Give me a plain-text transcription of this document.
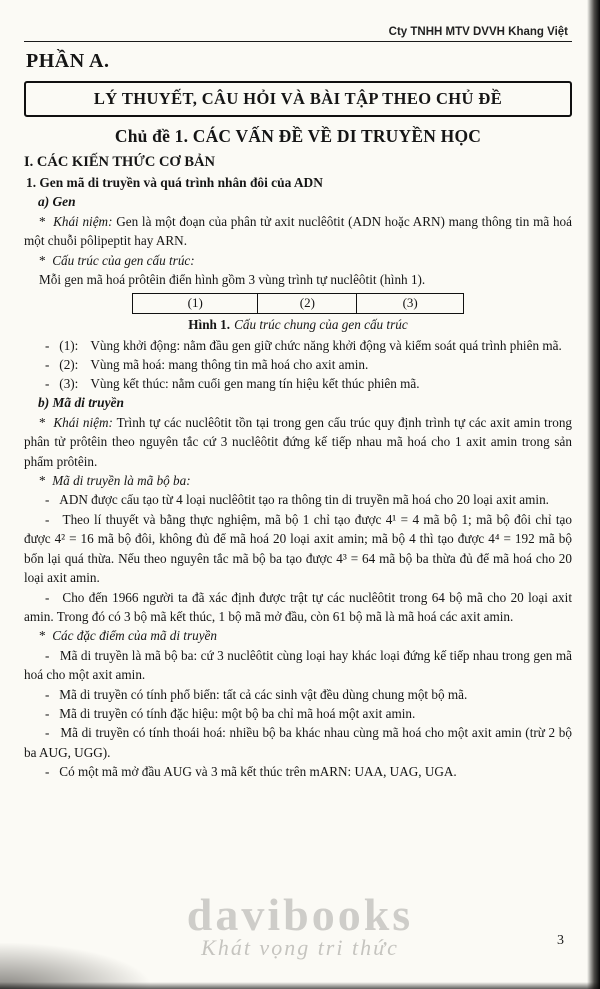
Cty TNHH MTV DVVH Khang Việt
PHẦN A.
LÝ THUYẾT, CÂU HỎI VÀ BÀI TẬP THEO CHỦ ĐỀ
Chủ đề 1. CÁC VẤN ĐỀ VỀ DI TRUYỀN HỌC
I. CÁC KIẾN THỨC CƠ BẢN
1. Gen mã di truyền và quá trình nhân đôi của ADN
a) Gen

*  Khái niệm: Gen là một đoạn của phân tử axit nuclêôtit (ADN hoặc ARN) mang thông tin mã hoá một chuỗi pôlipeptit hay ARN.

*  Cấu trúc của gen cấu trúc:

Mỗi gen mã hoá prôtêin điển hình gồm 3 vùng trình tự nuclêôtit (hình 1).

(1)	(2)	(3)
Hình 1. Cấu trúc chung của gen cấu trúc

-   (1): Vùng khởi động: nằm đầu gen giữ chức năng khởi động và kiểm soát quá trình phiên mã.

-   (2): Vùng mã hoá: mang thông tin mã hoá cho axit amin.

-   (3): Vùng kết thúc: nằm cuối gen mang tín hiệu kết thúc phiên mã.

b) Mã di truyền

*  Khái niệm: Trình tự các nuclêôtit tồn tại trong gen cấu trúc quy định trình tự các axit amin trong phân tử prôtêin theo nguyên tắc cứ 3 nuclêôtit đứng kế tiếp nhau mã hoá cho 1 axit amin trong sản phẩm prôtêin.

*  Mã di truyền là mã bộ ba:

-   ADN được cấu tạo từ 4 loại nuclêôtit tạo ra thông tin di truyền mã hoá cho 20 loại axit amin.

-   Theo lí thuyết và bằng thực nghiệm, mã bộ 1 chỉ tạo được 4¹ = 4 mã bộ 1; mã bộ đôi chỉ tạo được 4² = 16 mã bộ đôi, không đủ để mã hoá 20 loại axit amin; mã bộ 4 thì tạo được 4⁴ = 192 mã bộ bốn lại quá thừa. Nếu theo nguyên tắc mã bộ ba tạo được 4³ = 64 mã bộ ba thừa đủ để mã hoá cho 20 loại axit amin.

-   Cho đến 1966 người ta đã xác định được trật tự các nuclêôtit trong 64 bộ mã cho 20 loại axit amin. Trong đó có 3 bộ mã kết thúc, 1 bộ mã mở đầu, còn 61 bộ mã là mã hoá các axit amin.

*  Các đặc điểm của mã di truyền

-   Mã di truyền là mã bộ ba: cứ 3 nuclêôtit cùng loại hay khác loại đứng kế tiếp nhau trong gen mã hoá cho một axit amin.

-   Mã di truyền có tính phổ biến: tất cả các sinh vật đều dùng chung một bộ mã.

-   Mã di truyền có tính đặc hiệu: một bộ ba chỉ mã hoá một axit amin.

-   Mã di truyền có tính thoái hoá: nhiều bộ ba khác nhau cùng mã hoá cho một axit amin (trừ 2 bộ ba AUG, UGG).

-   Có một mã mở đầu AUG và 3 mã kết thúc trên mARN: UAA, UAG, UGA.

davibooks
Khát vọng tri thức	3
